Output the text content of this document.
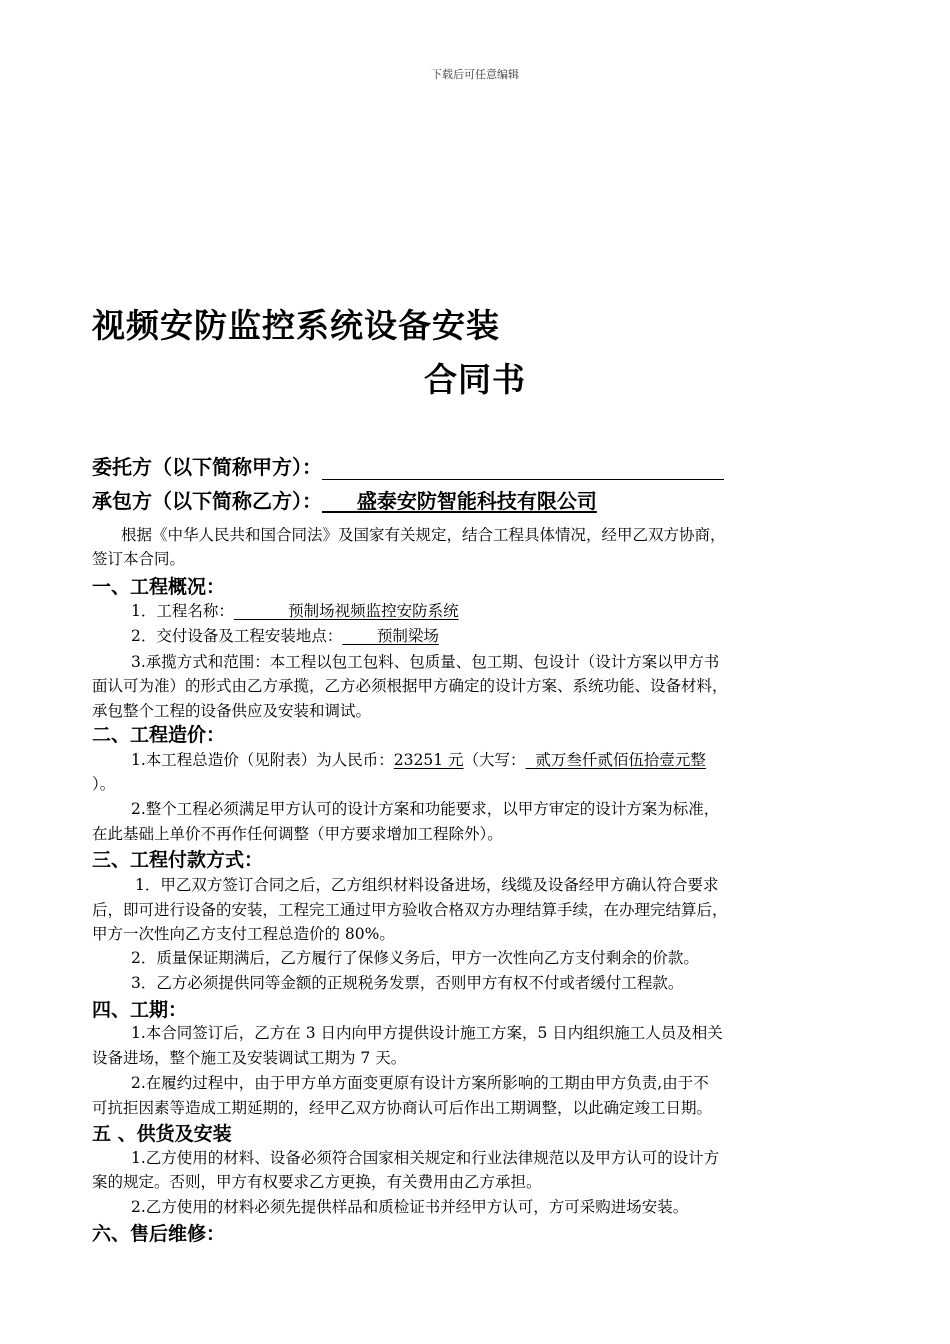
下载后可任意编辑
视频安防监控系统设备安装
合同书
委托方（以下简称甲方）：
承包方（以下简称乙方）： 盛泰安防智能科技有限公司
根据《中华人民共和国合同法》及国家有关规定，结合工程具体情况，经甲乙双方协商，
签订本合同。
一、工程概况：
1．工程名称：	预制场视频监控安防系统
2．交付设备及工程安装地点： 预制梁场
3.承揽方式和范围：本工程以包工包料、包质量、包工期、包设计（设计方案以甲方书
面认可为准）的形式由乙方承揽，乙方必须根据甲方确定的设计方案、系统功能、设备材料，
承包整个工程的设备供应及安装和调试。
二、工程造价：
1.本工程总造价（见附表）为人民币：23251 元（大写： 贰万叁仟贰佰伍拾壹元整
）。
2.整个工程必须满足甲方认可的设计方案和功能要求，以甲方审定的设计方案为标准，
在此基础上单价不再作任何调整（甲方要求增加工程除外）。
三、工程付款方式：
1．甲乙双方签订合同之后，乙方组织材料设备进场，线缆及设备经甲方确认符合要求
后，即可进行设备的安装，工程完工通过甲方验收合格双方办理结算手续，在办理完结算后，
甲方一次性向乙方支付工程总造价的 80%。
2．质量保证期满后，乙方履行了保修义务后，甲方一次性向乙方支付剩余的价款。
3．乙方必须提供同等金额的正规税务发票，否则甲方有权不付或者缓付工程款。
四、工期：
1.本合同签订后，乙方在 3 日内向甲方提供设计施工方案，5 日内组织施工人员及相关
设备进场，整个施工及安装调试工期为 7 天。
2.在履约过程中，由于甲方单方面变更原有设计方案所影响的工期由甲方负责,由于不
可抗拒因素等造成工期延期的，经甲乙双方协商认可后作出工期调整，以此确定竣工日期。
五 、供货及安装
1.乙方使用的材料、设备必须符合国家相关规定和行业法律规范以及甲方认可的设计方
案的规定。否则，甲方有权要求乙方更换，有关费用由乙方承担。
2.乙方使用的材料必须先提供样品和质检证书并经甲方认可，方可采购进场安装。
六、售后维修：
